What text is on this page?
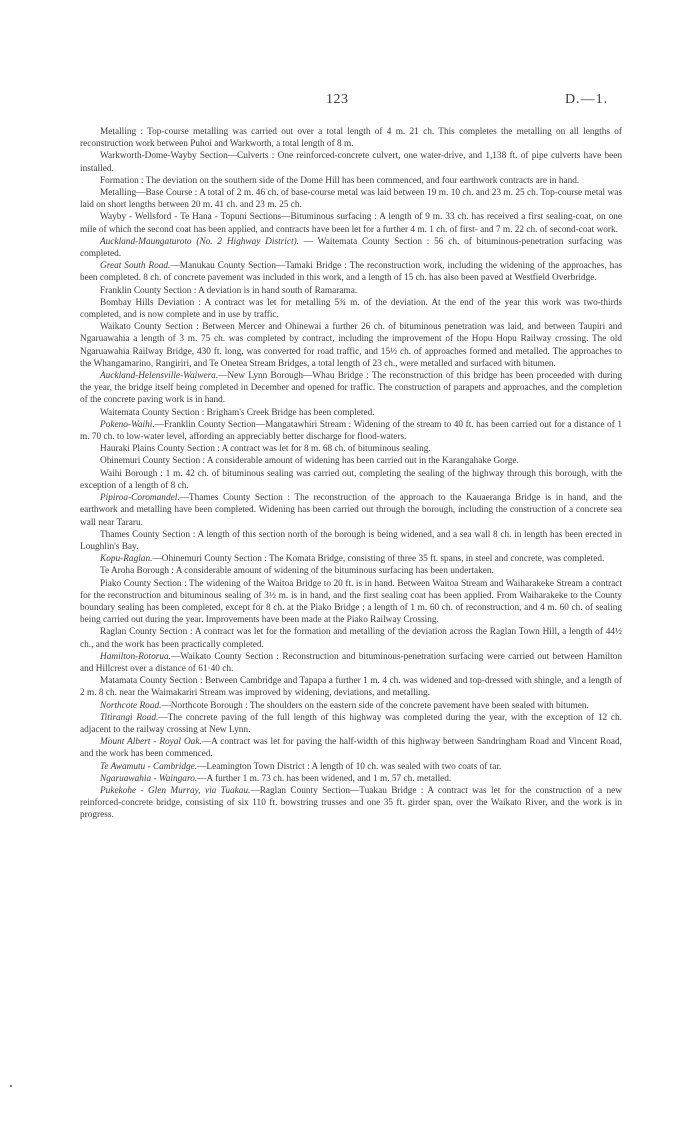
123	D.—1.

Metalling : Top-course metalling was carried out over a total length of 4 m. 21 ch. This completes the metalling on all lengths of reconstruction work between Puhoi and Warkworth, a total length of 8 m.

Warkworth-Dome-Wayby Section—Culverts : One reinforced-concrete culvert, one water-drive, and 1,138 ft. of pipe culverts have been installed.

Formation : The deviation on the southern side of the Dome Hill has been commenced, and four earthwork contracts are in hand.

Metalling—Base Course : A total of 2 m. 46 ch. of base-course metal was laid between 19 m. 10 ch. and 23 m. 25 ch. Top-course metal was laid on short lengths between 20 m. 41 ch. and 23 m. 25 ch.

Wayby - Wellsford - Te Hana - Topuni Sections—Bituminous surfacing : A length of 9 m. 33 ch. has received a first sealing-coat, on one mile of which the second coat has been applied, and contracts have been let for a further 4 m. 1 ch. of first- and 7 m. 22 ch. of second-coat work.

Auckland-Maungaturoto (No. 2 Highway District). — Waitemata County Section : 56 ch. of bituminous-penetration surfacing was completed.

Great South Road.—Manukau County Section—Tamaki Bridge : The reconstruction work, including the widening of the approaches, has been completed. 8 ch. of concrete pavement was included in this work, and a length of 15 ch. has also been paved at Westfield Overbridge.

Franklin County Section : A deviation is in hand south of Ramarama.

Bombay Hills Deviation : A contract was let for metalling 5¾ m. of the deviation. At the end of the year this work was two-thirds completed, and is now complete and in use by traffic.

Waikato County Section : Between Mercer and Ohinewai a further 26 ch. of bituminous penetration was laid, and between Taupiri and Ngaruawahia a length of 3 m. 75 ch. was completed by contract, including the improvement of the Hopu Hopu Railway crossing. The old Ngaruawahia Railway Bridge, 430 ft. long, was converted for road traffic, and 15½ ch. of approaches formed and metalled. The approaches to the Whangamarino, Rangiriri, and Te Onetea Stream Bridges, a total length of 23 ch., were metalled and surfaced with bitumen.

Auckland-Helensville-Waiwera.—New Lynn Borough—Whau Bridge : The reconstruction of this bridge has been proceeded with during the year, the bridge itself being completed in December and opened for traffic. The construction of parapets and approaches, and the completion of the concrete paving work is in hand.

Waitemata County Section : Brigham's Creek Bridge has been completed.

Pokeno-Waihi.—Franklin County Section—Mangatawhiri Stream : Widening of the stream to 40 ft. has been carried out for a distance of 1 m. 70 ch. to low-water level, affording an appreciably better discharge for flood-waters.

Hauraki Plains County Section : A contract was let for 8 m. 68 ch. of bituminous sealing.

Ohinemuri County Section : A considerable amount of widening has been carried out in the Karangahake Gorge.

Waihi Borough : 1 m. 42 ch. of bituminous sealing was carried out, completing the sealing of the highway through this borough, with the exception of a length of 8 ch.

Pipiroa-Coromandel.—Thames County Section : The reconstruction of the approach to the Kauaeranga Bridge is in hand, and the earthwork and metalling have been completed. Widening has been carried out through the borough, including the construction of a concrete sea wall near Tararu.

Thames County Section : A length of this section north of the borough is being widened, and a sea wall 8 ch. in length has been erected in Loughlin's Bay.

Kopu-Raglan.—Ohinemuri County Section : The Komata Bridge, consisting of three 35 ft. spans, in steel and concrete, was completed.

Te Aroha Borough : A considerable amount of widening of the bituminous surfacing has been undertaken.

Piako County Section : The widening of the Waitoa Bridge to 20 ft. is in hand. Between Waitoa Stream and Waiharakeke Stream a contract for the reconstruction and bituminous sealing of 3½ m. is in hand, and the first sealing coat has been applied. From Waiharakeke to the County boundary sealing has been completed, except for 8 ch. at the Piako Bridge ; a length of 1 m. 60 ch. of reconstruction, and 4 m. 60 ch. of sealing being carried out during the year. Improvements have been made at the Piako Railway Crossing.

Raglan County Section : A contract was let for the formation and metalling of the deviation across the Raglan Town Hill, a length of 44½ ch., and the work has been practically completed.

Hamilton-Rotorua.—Waikato County Section : Reconstruction and bituminous-penetration surfacing were carried out between Hamilton and Hillcrest over a distance of 61·40 ch.

Matamata County Section : Between Cambridge and Tapapa a further 1 m. 4 ch. was widened and top-dressed with shingle, and a length of 2 m. 8 ch. near the Waimakariri Stream was improved by widening, deviations, and metalling.

Northcote Road.—Northcote Borough : The shoulders on the eastern side of the concrete pavement have been sealed with bitumen.

Titirangi Road.—The concrete paving of the full length of this highway was completed during the year, with the exception of 12 ch. adjacent to the railway crossing at New Lynn.

Mount Albert - Royal Oak.—A contract was let for paving the half-width of this highway between Sandringham Road and Vincent Road, and the work has been commenced.

Te Awamutu - Cambridge.—Leamington Town District : A length of 10 ch. was sealed with two coats of tar.

Ngaruawahia - Waingaro.—A further 1 m. 73 ch. has been widened, and 1 m. 57 ch. metalled.

Pukekohe - Glen Murray, via Tuakau.—Raglan County Section—Tuakau Bridge : A contract was let for the construction of a new reinforced-concrete bridge, consisting of six 110 ft. bowstring trusses and one 35 ft. girder span, over the Waikato River, and the work is in progress.
